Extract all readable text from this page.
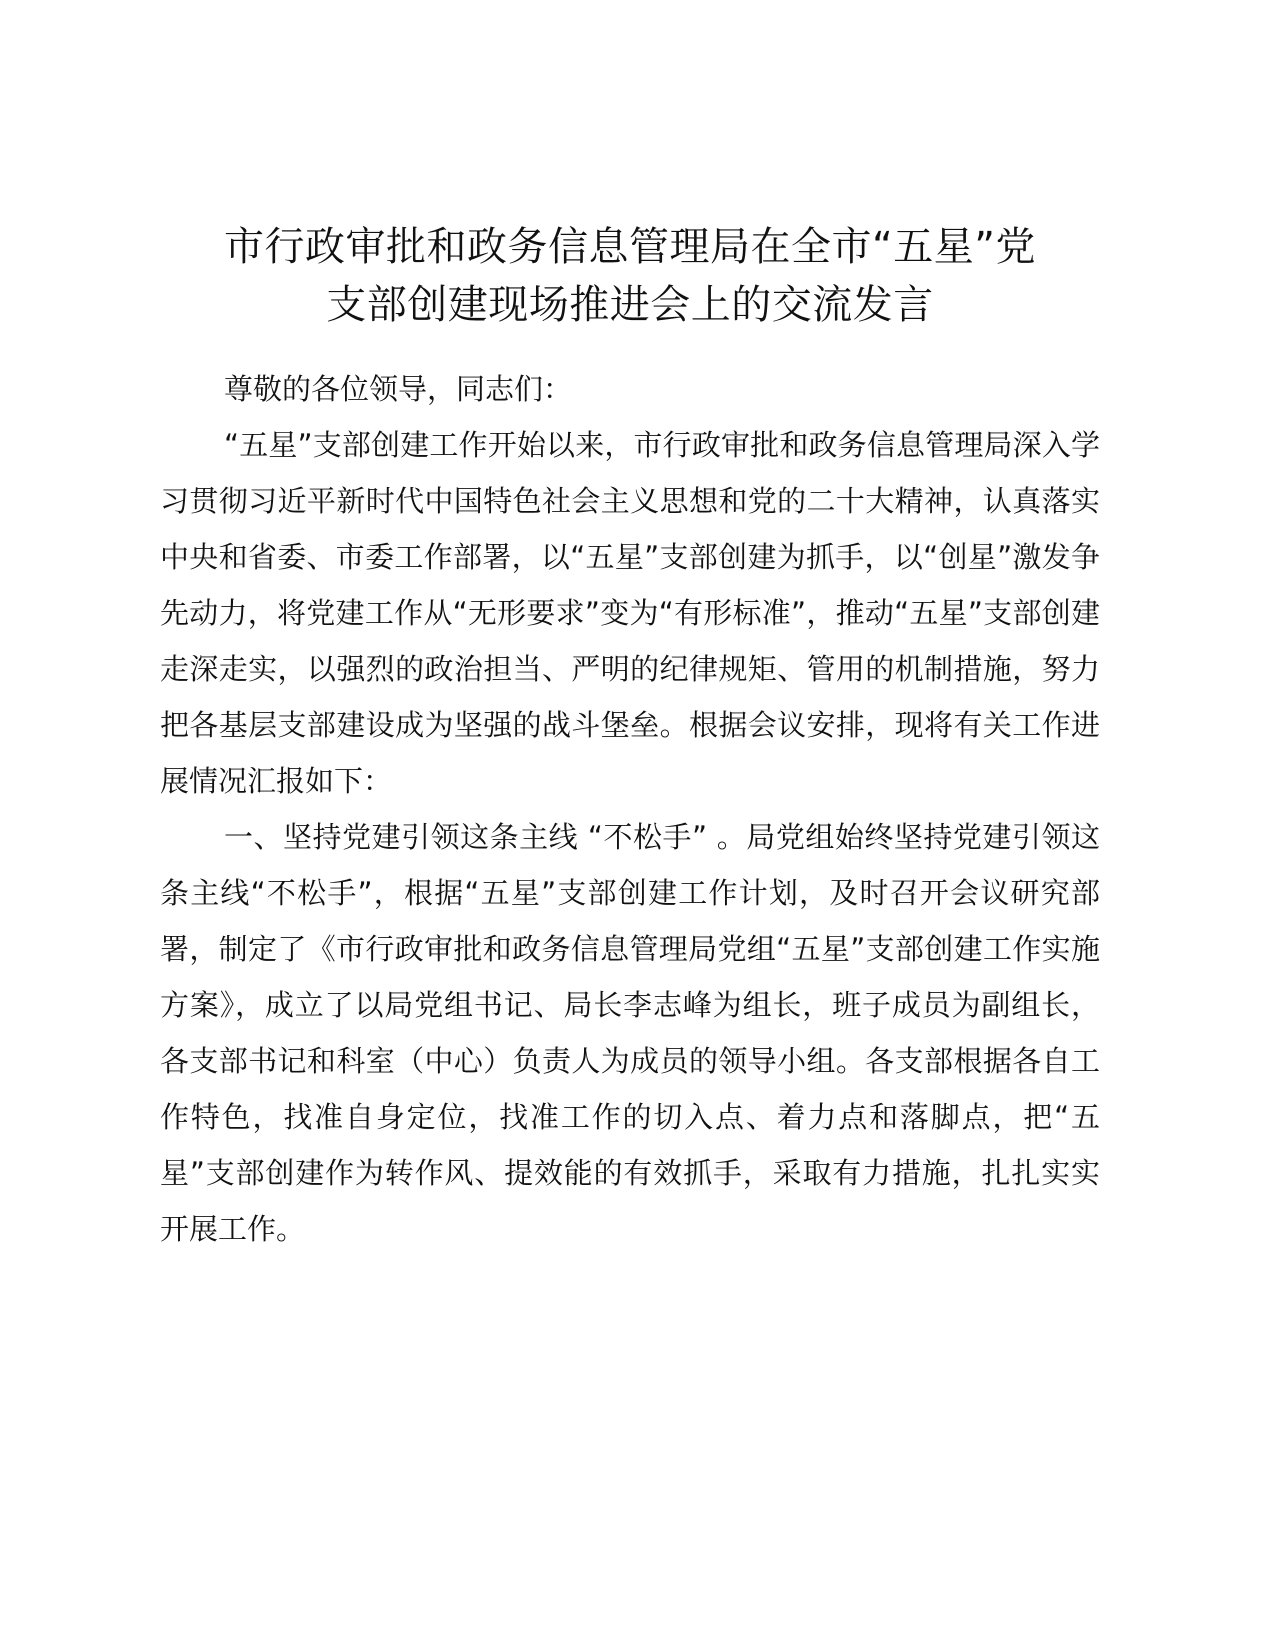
市行政审批和政务信息管理局在全市“五星”党
支部创建现场推进会上的交流发言

尊敬的各位领导，同志们：

“五星”支部创建工作开始以来，市行政审批和政务信息管理局深入学习贯彻习近平新时代中国特色社会主义思想和党的二十大精神，认真落实中央和省委、市委工作部署，以“五星”支部创建为抓手，以“创星”激发争先动力，将党建工作从“无形要求”变为“有形标准”，推动“五星”支部创建走深走实，以强烈的政治担当、严明的纪律规矩、管用的机制措施，努力把各基层支部建设成为坚强的战斗堡垒。根据会议安排，现将有关工作进展情况汇报如下：

一、坚持党建引领这条主线 “不松手” 。局党组始终坚持党建引领这条主线“不松手”，根据“五星”支部创建工作计划，及时召开会议研究部署，制定了《市行政审批和政务信息管理局党组“五星”支部创建工作实施方案》，成立了以局党组书记、局长李志峰为组长，班子成员为副组长，各支部书记和科室（中心）负责人为成员的领导小组。各支部根据各自工作特色，找准自身定位，找准工作的切入点、着力点和落脚点，把“五星”支部创建作为转作风、提效能的有效抓手，采取有力措施，扎扎实实开展工作。
